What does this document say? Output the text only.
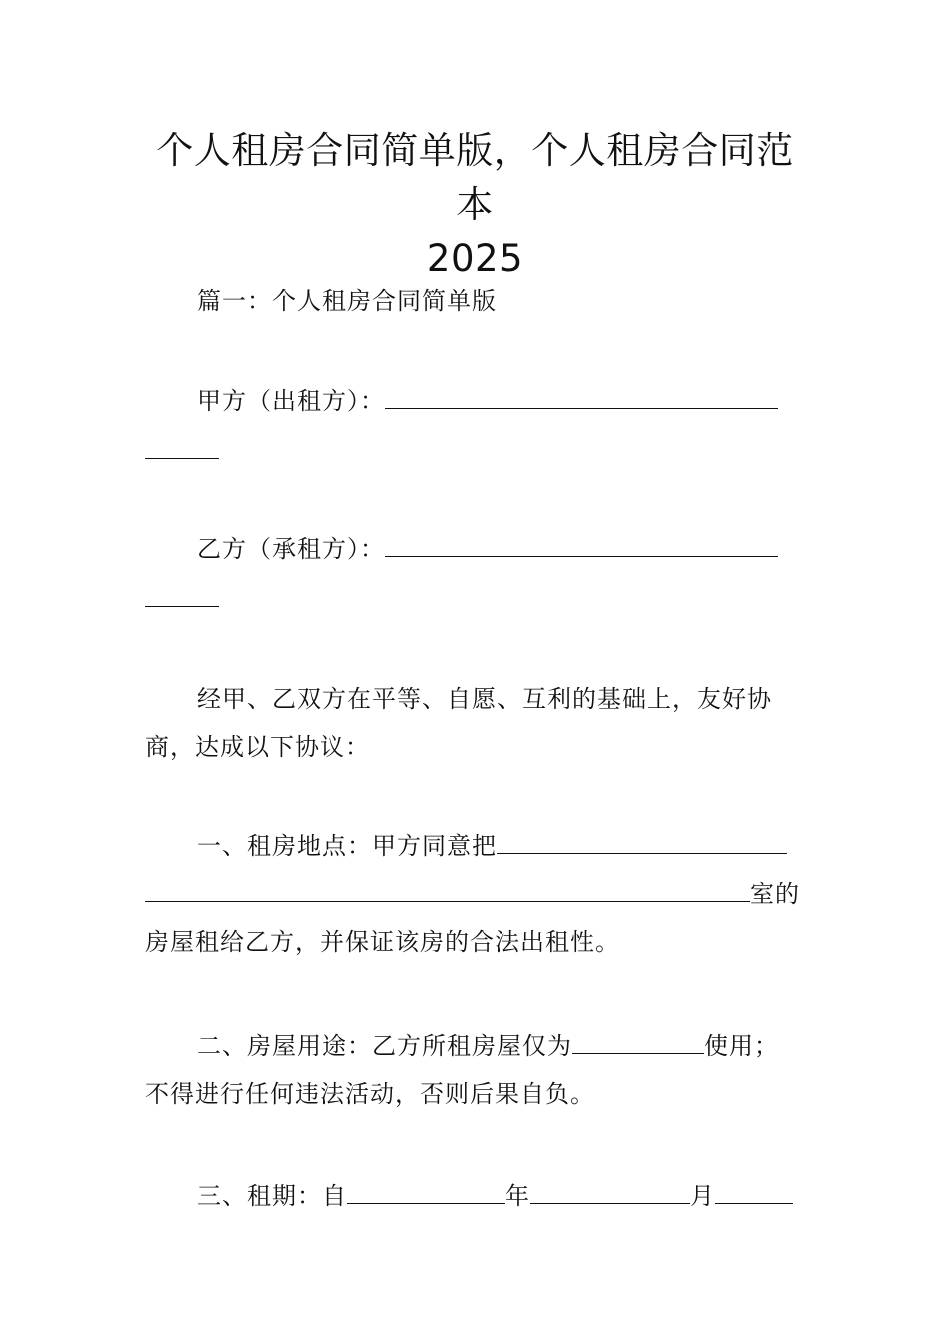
个人租房合同简单版，个人租房合同范本
2025
篇一：个人租房合同简单版
甲方（出租方）：
乙方（承租方）：
经甲、乙双方在平等、自愿、互利的基础上，友好协
商，达成以下协议：
一、租房地点：甲方同意把
室的
房屋租给乙方，并保证该房的合法出租性。
二、房屋用途：乙方所租房屋仅为	使用；
不得进行任何违法活动，否则后果自负。
三、租期：自	年	月
